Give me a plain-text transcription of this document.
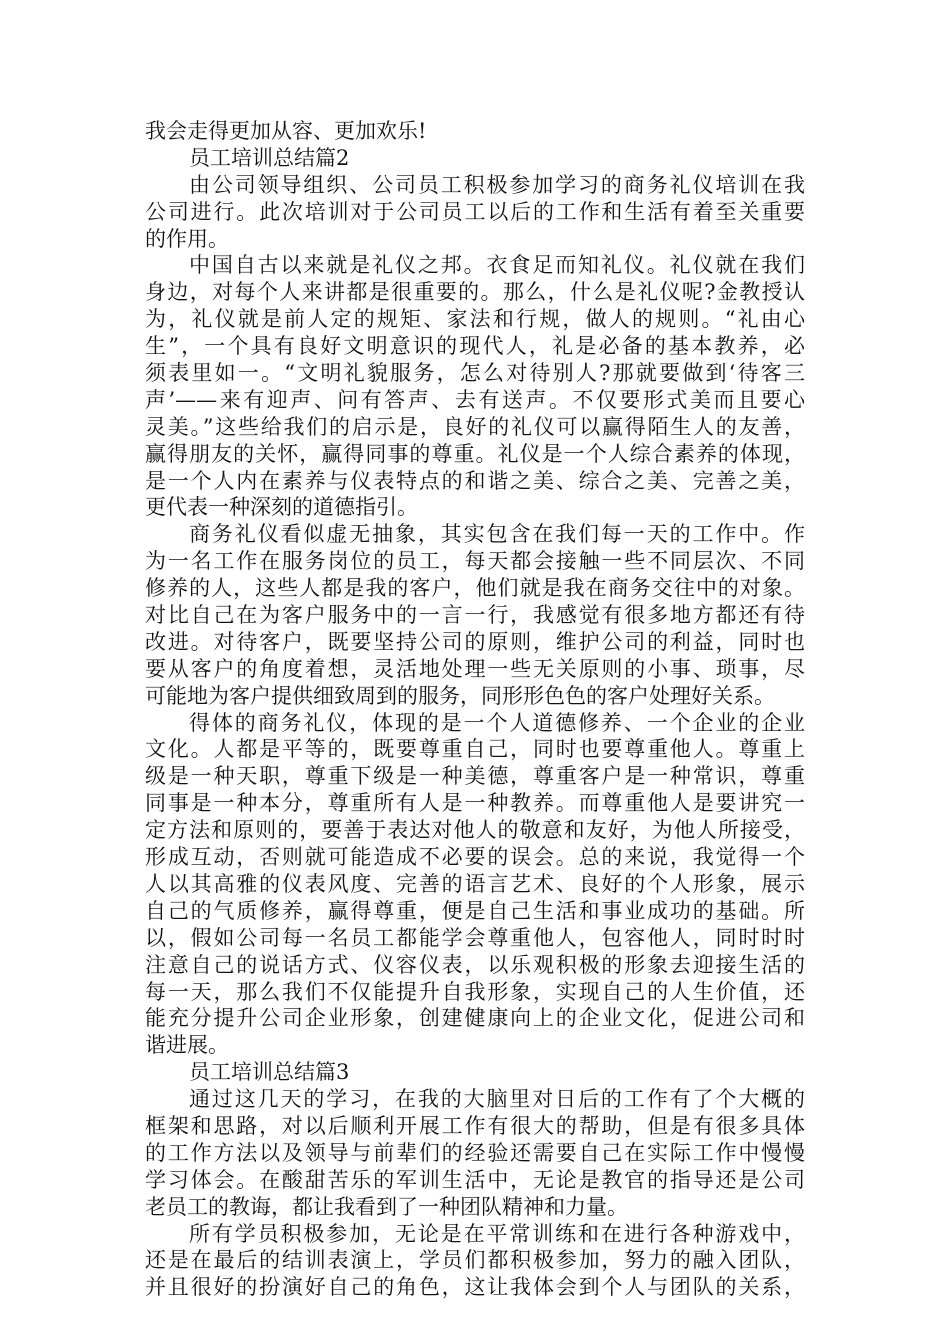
我会走得更加从容、更加欢乐!
员工培训总结篇2
由公司领导组织、公司员工积极参加学习的商务礼仪培训在我
公司进行。此次培训对于公司员工以后的工作和生活有着至关重要
的作用。
中国自古以来就是礼仪之邦。衣食足而知礼仪。礼仪就在我们
身边，对每个人来讲都是很重要的。那么，什么是礼仪呢?金教授认
为，礼仪就是前人定的规矩、家法和行规，做人的规则。“礼由心
生”，一个具有良好文明意识的现代人，礼是必备的基本教养，必
须表里如一。“文明礼貌服务，怎么对待别人?那就要做到‘待客三
声’——来有迎声、问有答声、去有送声。不仅要形式美而且要心
灵美。”这些给我们的启示是，良好的礼仪可以赢得陌生人的友善，
赢得朋友的关怀，赢得同事的尊重。礼仪是一个人综合素养的体现，
是一个人内在素养与仪表特点的和谐之美、综合之美、完善之美，
更代表一种深刻的道德指引。
商务礼仪看似虚无抽象，其实包含在我们每一天的工作中。作
为一名工作在服务岗位的员工，每天都会接触一些不同层次、不同
修养的人，这些人都是我的客户，他们就是我在商务交往中的对象。
对比自己在为客户服务中的一言一行，我感觉有很多地方都还有待
改进。对待客户，既要坚持公司的原则，维护公司的利益，同时也
要从客户的角度着想，灵活地处理一些无关原则的小事、琐事，尽
可能地为客户提供细致周到的服务，同形形色色的客户处理好关系。
得体的商务礼仪，体现的是一个人道德修养、一个企业的企业
文化。人都是平等的，既要尊重自己，同时也要尊重他人。尊重上
级是一种天职，尊重下级是一种美德，尊重客户是一种常识，尊重
同事是一种本分，尊重所有人是一种教养。而尊重他人是要讲究一
定方法和原则的，要善于表达对他人的敬意和友好，为他人所接受，
形成互动，否则就可能造成不必要的误会。总的来说，我觉得一个
人以其高雅的仪表风度、完善的语言艺术、良好的个人形象，展示
自己的气质修养，赢得尊重，便是自己生活和事业成功的基础。所
以，假如公司每一名员工都能学会尊重他人，包容他人，同时时时
注意自己的说话方式、仪容仪表，以乐观积极的形象去迎接生活的
每一天，那么我们不仅能提升自我形象，实现自己的人生价值，还
能充分提升公司企业形象，创建健康向上的企业文化，促进公司和
谐进展。
员工培训总结篇3
通过这几天的学习，在我的大脑里对日后的工作有了个大概的
框架和思路，对以后顺利开展工作有很大的帮助，但是有很多具体
的工作方法以及领导与前辈们的经验还需要自己在实际工作中慢慢
学习体会。在酸甜苦乐的军训生活中，无论是教官的指导还是公司
老员工的教诲，都让我看到了一种团队精神和力量。
所有学员积极参加，无论是在平常训练和在进行各种游戏中，
还是在最后的结训表演上，学员们都积极参加，努力的融入团队，
并且很好的扮演好自己的角色，这让我体会到个人与团队的关系，
